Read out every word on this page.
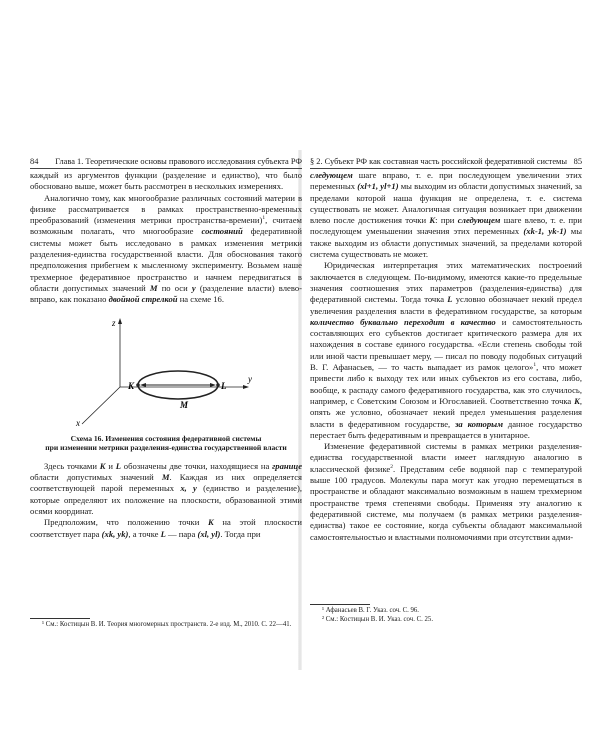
84 Глава 1. Теоретические основы правового исследования субъекта РФ

каждый из аргументов функции (разделение и единство), что было обосновано выше, может быть рассмотрен в нескольких измерениях.

Аналогично тому, как многообразие различных состояний материи в физике рассматривается в рамках пространственно-временных преобразований (изменения метрики пространства-времени)$^1$, считаем возможным полагать, что многообразие состояний федеративной системы может быть исследовано в рамках изменения метрики разделения-единства государственной власти. Для обоснования такого предположения прибегнем к мысленному эксперименту. Возьмем наше трехмерное федеративное пространство и начнем передвигаться в области допустимых значений M по оси y (разделение власти) влево-вправо, как показано двойной стрелкой на схеме 16.

z
y
x
K	L
M
Схема 16. Изменения состояния федеративной системы
при изменении метрики разделения-единства государственной власти

Здесь точками K и L обозначены две точки, находящиеся на границе области допустимых значений M. Каждая из них определяется соответствующей парой переменных x, y (единство и разделение), которые определяют их положение на плоскости, образованной этими осями координат.

Предположим, что положению точки K на этой плоскости соответствует пара (xk, yk), а точке L — пара (xl, yl). Тогда при

¹ См.: Костицын В. И. Теория многомерных пространств. 2-е изд. М., 2010. С. 22—41.
§ 2. Субъект РФ как составная часть российской федеративной системы 85

следующем шаге вправо, т. е. при последующем увеличении этих переменных (xl+1, yl+1) мы выходим из области допустимых значений, за пределами которой наша функция не определена, т. е. система существовать не может. Аналогичная ситуация возникает при движении влево после достижения точки K: при следующем шаге влево, т. е. при последующем уменьшении значения этих переменных (xk-1, yk-1) мы также выходим из области допустимых значений, за пределами которой система существовать не может.

Юридическая интерпретация этих математических построений заключается в следующем. По-видимому, имеются какие-то предельные значения соотношения этих параметров (разделения-единства) для федеративной системы. Тогда точка L условно обозначает некий предел увеличения разделения власти в федеративном государстве, за которым количество буквально переходит в качество и самостоятельность составляющих его субъектов достигает критического размера для их нахождения в составе единого государства. «Если степень свободы той или иной части превышает меру, — писал по поводу подобных ситуаций В. Г. Афанасьев, — то часть выпадает из рамок целого»$^1$, что может привести либо к выходу тех или иных субъектов из его состава, либо, вообще, к распаду самого федеративного государства, как это случилось, например, с Советским Союзом и Югославией. Соответственно точка K, опять же условно, обозначает некий предел уменьшения разделения власти в федеративном государстве, за которым данное государство перестает быть федеративным и превращается в унитарное.

Изменение федеративной системы в рамках метрики разделения-единства государственной власти имеет наглядную аналогию в классической физике$^2$. Представим себе водяной пар с температурой выше 100 градусов. Молекулы пара могут как угодно перемещаться в пространстве и обладают максимально возможным в нашем трехмерном пространстве тремя степенями свободы. Применяя эту аналогию к федеративной системе, мы получаем (в рамках метрики разделения-единства) такое ее состояние, когда субъекты обладают максимальной самостоятельностью и властными полномочиями при отсутствии адми-

¹ Афанасьев В. Г. Указ. соч. С. 96.
² См.: Костицын В. И. Указ. соч. С. 25.
